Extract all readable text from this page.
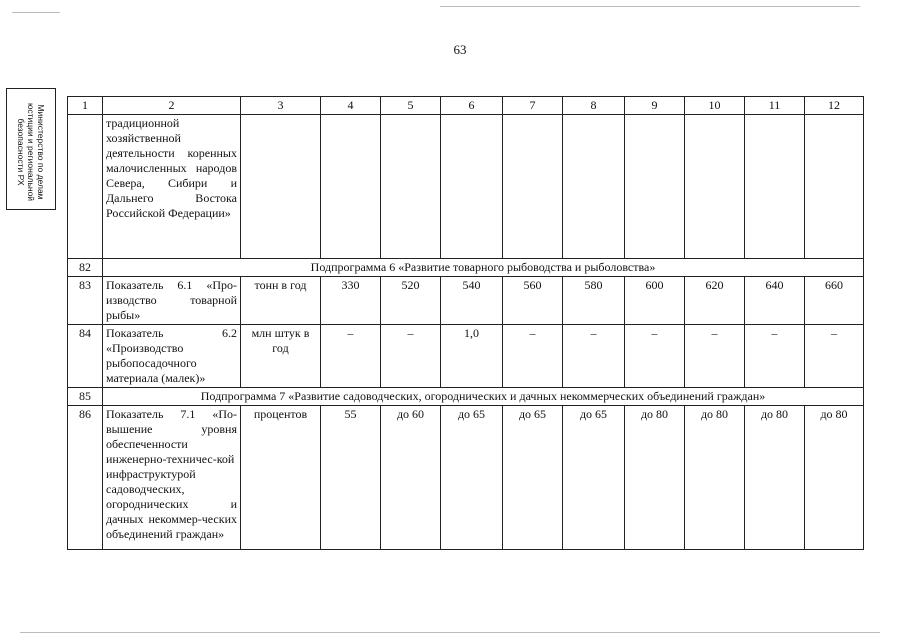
63
Министерство по делам
юстиции и региональной
безопасности РХ
1	2	3	4	5	6	7	8	9	10	11	12
	традиционной хозяйственной деятельности коренных малочисленных народов Севера, Сибири и Дальнего Востока Российской Федерации»										
82	Подпрограмма 6 «Развитие товарного рыбоводства и рыболовства»										
83	Показатель 6.1 «Про-изводство товарной рыбы»	тонн в год	330	520	540	560	580	600	620	640	660
84	Показатель 6.2 «Производство рыбопосадочного материала (малек)»	млн штук в год	–	–	1,0	–	–	–	–	–	–
85	Подпрограмма 7 «Развитие садоводческих, огороднических и дачных некоммерческих объединений граждан»										
86	Показатель 7.1 «По-вышение уровня обеспеченности инженерно-техничес-кой инфраструктурой садоводческих, огороднических и дачных некоммер-ческих объединений граждан»	процентов	55	до 60	до 65	до 65	до 65	до 80	до 80	до 80	до 80
